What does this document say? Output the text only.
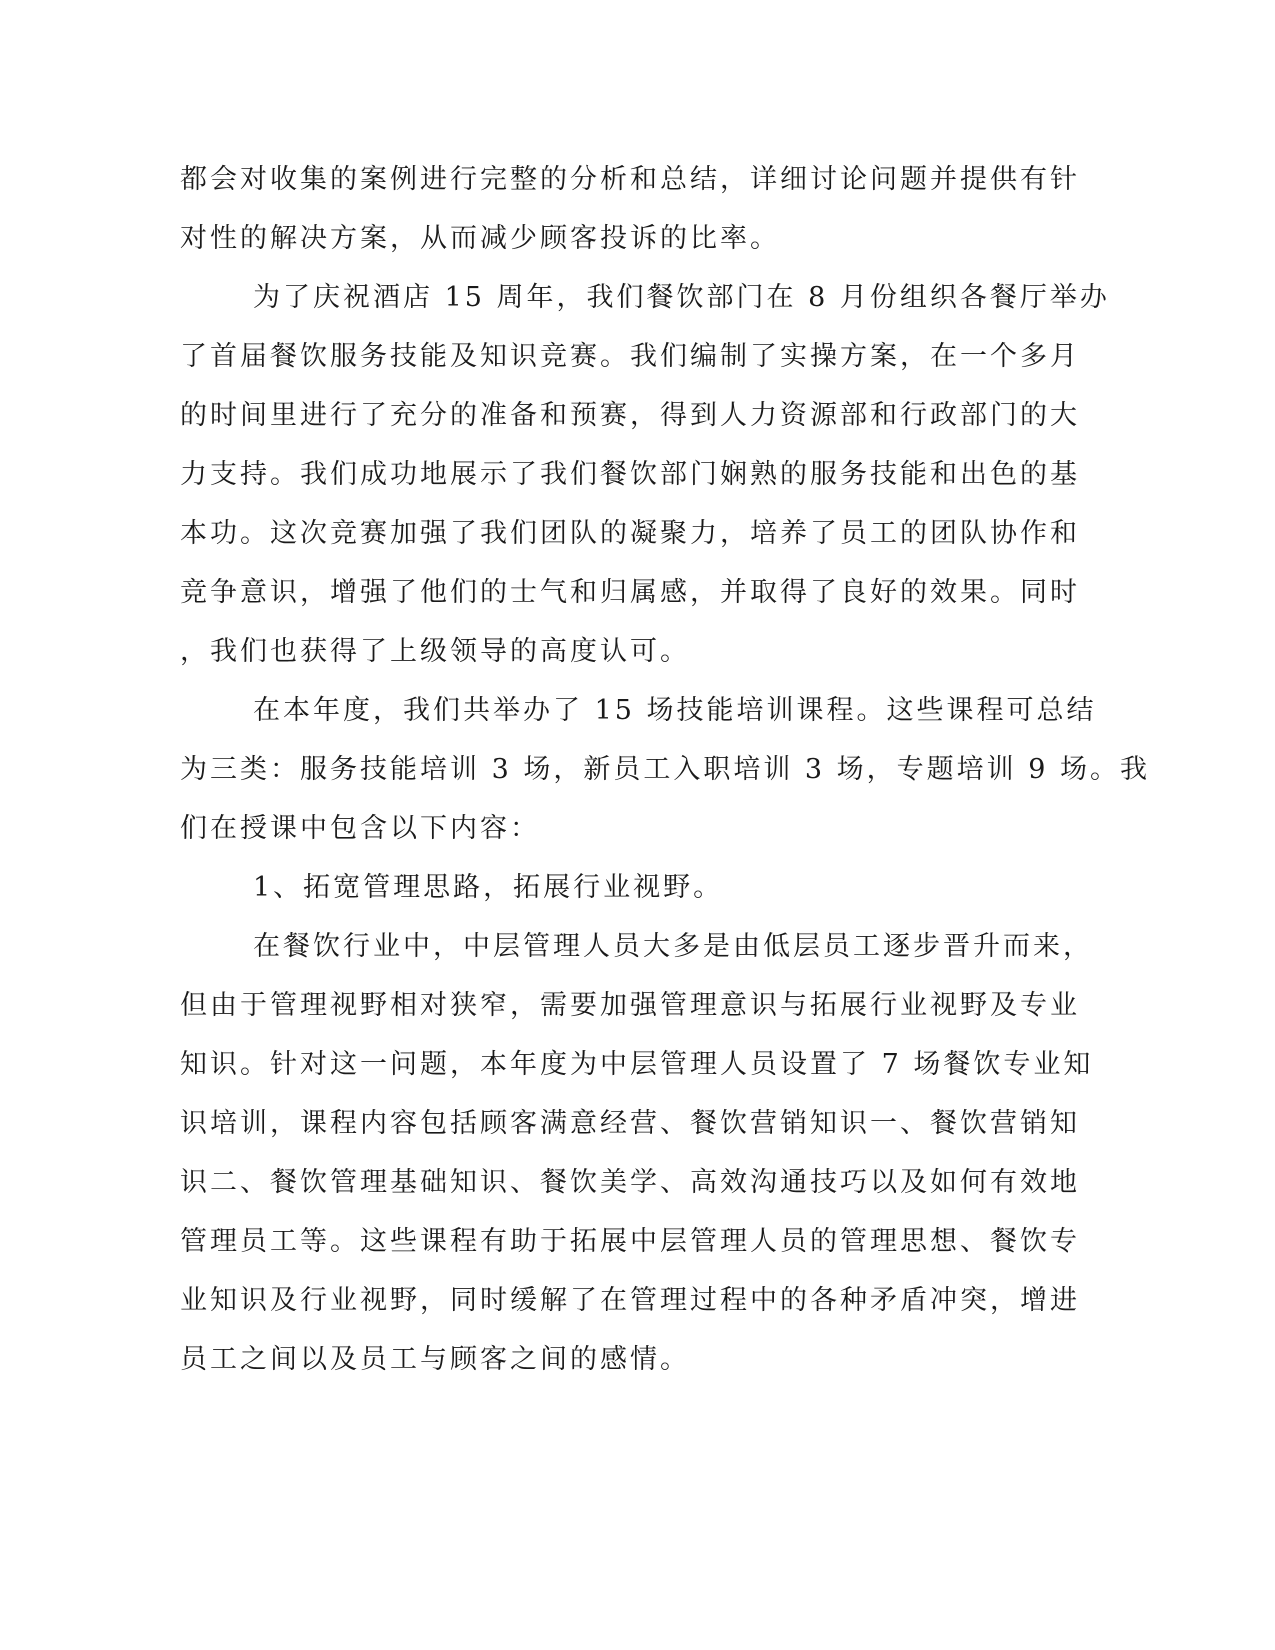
都会对收集的案例进行完整的分析和总结，详细讨论问题并提供有针
对性的解决方案，从而减少顾客投诉的比率。
为了庆祝酒店 15 周年，我们餐饮部门在 8 月份组织各餐厅举办
了首届餐饮服务技能及知识竞赛。我们编制了实操方案，在一个多月
的时间里进行了充分的准备和预赛，得到人力资源部和行政部门的大
力支持。我们成功地展示了我们餐饮部门娴熟的服务技能和出色的基
本功。这次竞赛加强了我们团队的凝聚力，培养了员工的团队协作和
竞争意识，增强了他们的士气和归属感，并取得了良好的效果。同时
，我们也获得了上级领导的高度认可。
在本年度，我们共举办了 15 场技能培训课程。这些课程可总结
为三类：服务技能培训 3 场，新员工入职培训 3 场，专题培训 9 场。我
们在授课中包含以下内容：
1、拓宽管理思路，拓展行业视野。
在餐饮行业中，中层管理人员大多是由低层员工逐步晋升而来，
但由于管理视野相对狭窄，需要加强管理意识与拓展行业视野及专业
知识。针对这一问题，本年度为中层管理人员设置了 7 场餐饮专业知
识培训，课程内容包括顾客满意经营、餐饮营销知识一、餐饮营销知
识二、餐饮管理基础知识、餐饮美学、高效沟通技巧以及如何有效地
管理员工等。这些课程有助于拓展中层管理人员的管理思想、餐饮专
业知识及行业视野，同时缓解了在管理过程中的各种矛盾冲突，增进
员工之间以及员工与顾客之间的感情。
